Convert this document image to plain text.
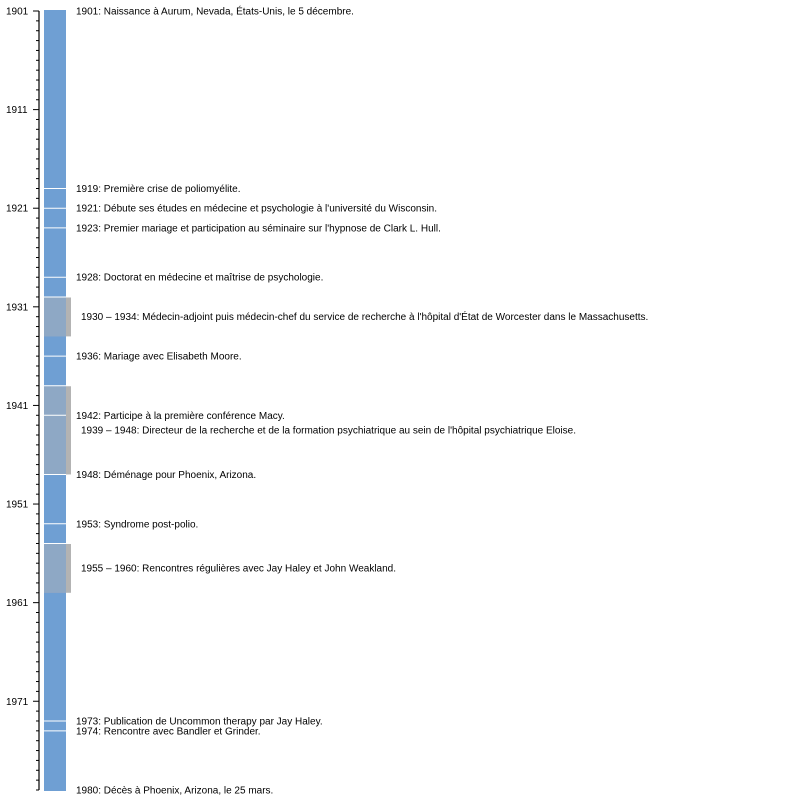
1901
1911
1921
1931
1941
1951
1961
1971
1901: Naissance à Aurum, Nevada, États-Unis, le 5 décembre.
1919: Première crise de poliomyélite.
1921: Débute ses études en médecine et psychologie à l'université du Wisconsin.
1923: Premier mariage et participation au séminaire sur l'hypnose de Clark L. Hull.
1928: Doctorat en médecine et maîtrise de psychologie.
1936: Mariage avec Elisabeth Moore.
1942: Participe à la première conférence Macy.
1948: Déménage pour Phoenix, Arizona.
1953: Syndrome post-polio.
1973: Publication de Uncommon therapy par Jay Haley.
1974: Rencontre avec Bandler et Grinder.
1980: Décès à Phoenix, Arizona, le 25 mars.
1930 – 1934: Médecin-adjoint puis médecin-chef du service de recherche à l'hôpital d'État de Worcester dans le Massachusetts.
1939 – 1948: Directeur de la recherche et de la formation psychiatrique au sein de l'hôpital psychiatrique Eloise.
1955 – 1960: Rencontres régulières avec Jay Haley et John Weakland.
